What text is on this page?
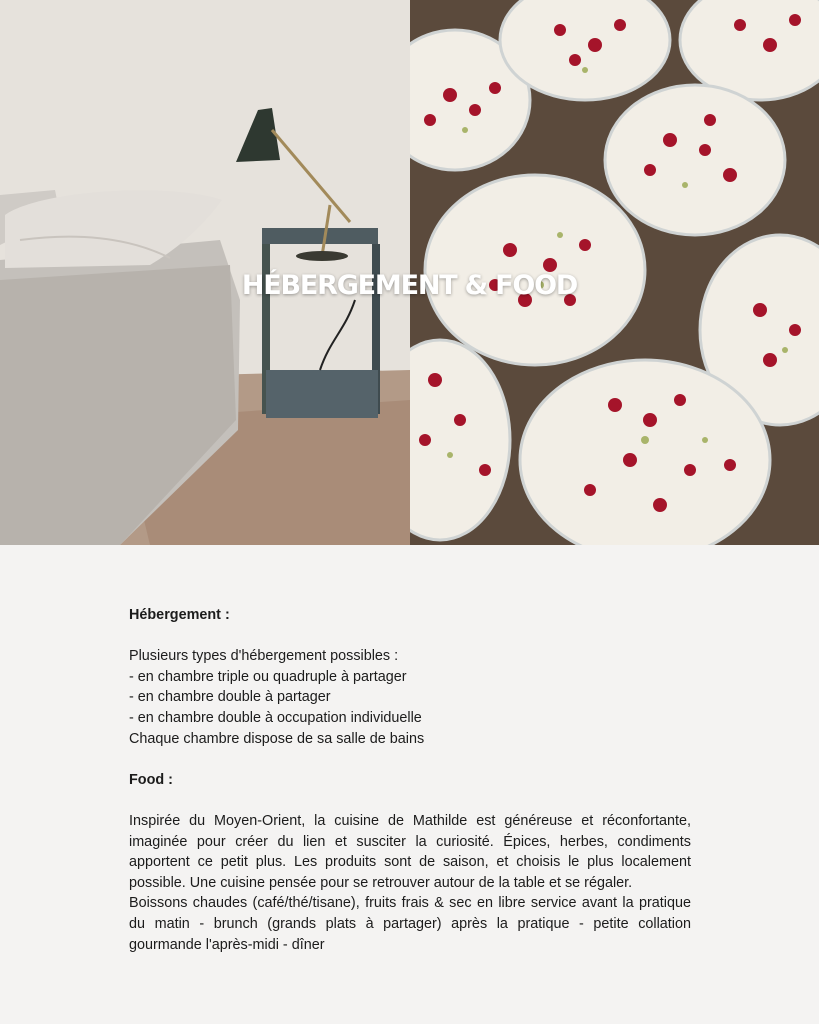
HÉBERGEMENT & FOOD

Hébergement :

Plusieurs types d'hébergement possibles :

- en chambre triple ou quadruple à partager

- en chambre double à partager

- en chambre double à occupation individuelle

Chaque chambre dispose de sa salle de bains

Food :

Inspirée du Moyen-Orient, la cuisine de Mathilde est généreuse et réconfortante, imaginée pour créer du lien et susciter la curiosité. Épices, herbes, condiments apportent ce petit plus. Les produits sont de saison, et choisis le plus localement possible. Une cuisine pensée pour se retrouver autour de la table et se régaler.

Boissons chaudes (café/thé/tisane), fruits frais & sec en libre service avant la pratique du matin - brunch (grands plats à partager) après la pratique - petite collation gourmande l'après-midi - dîner
